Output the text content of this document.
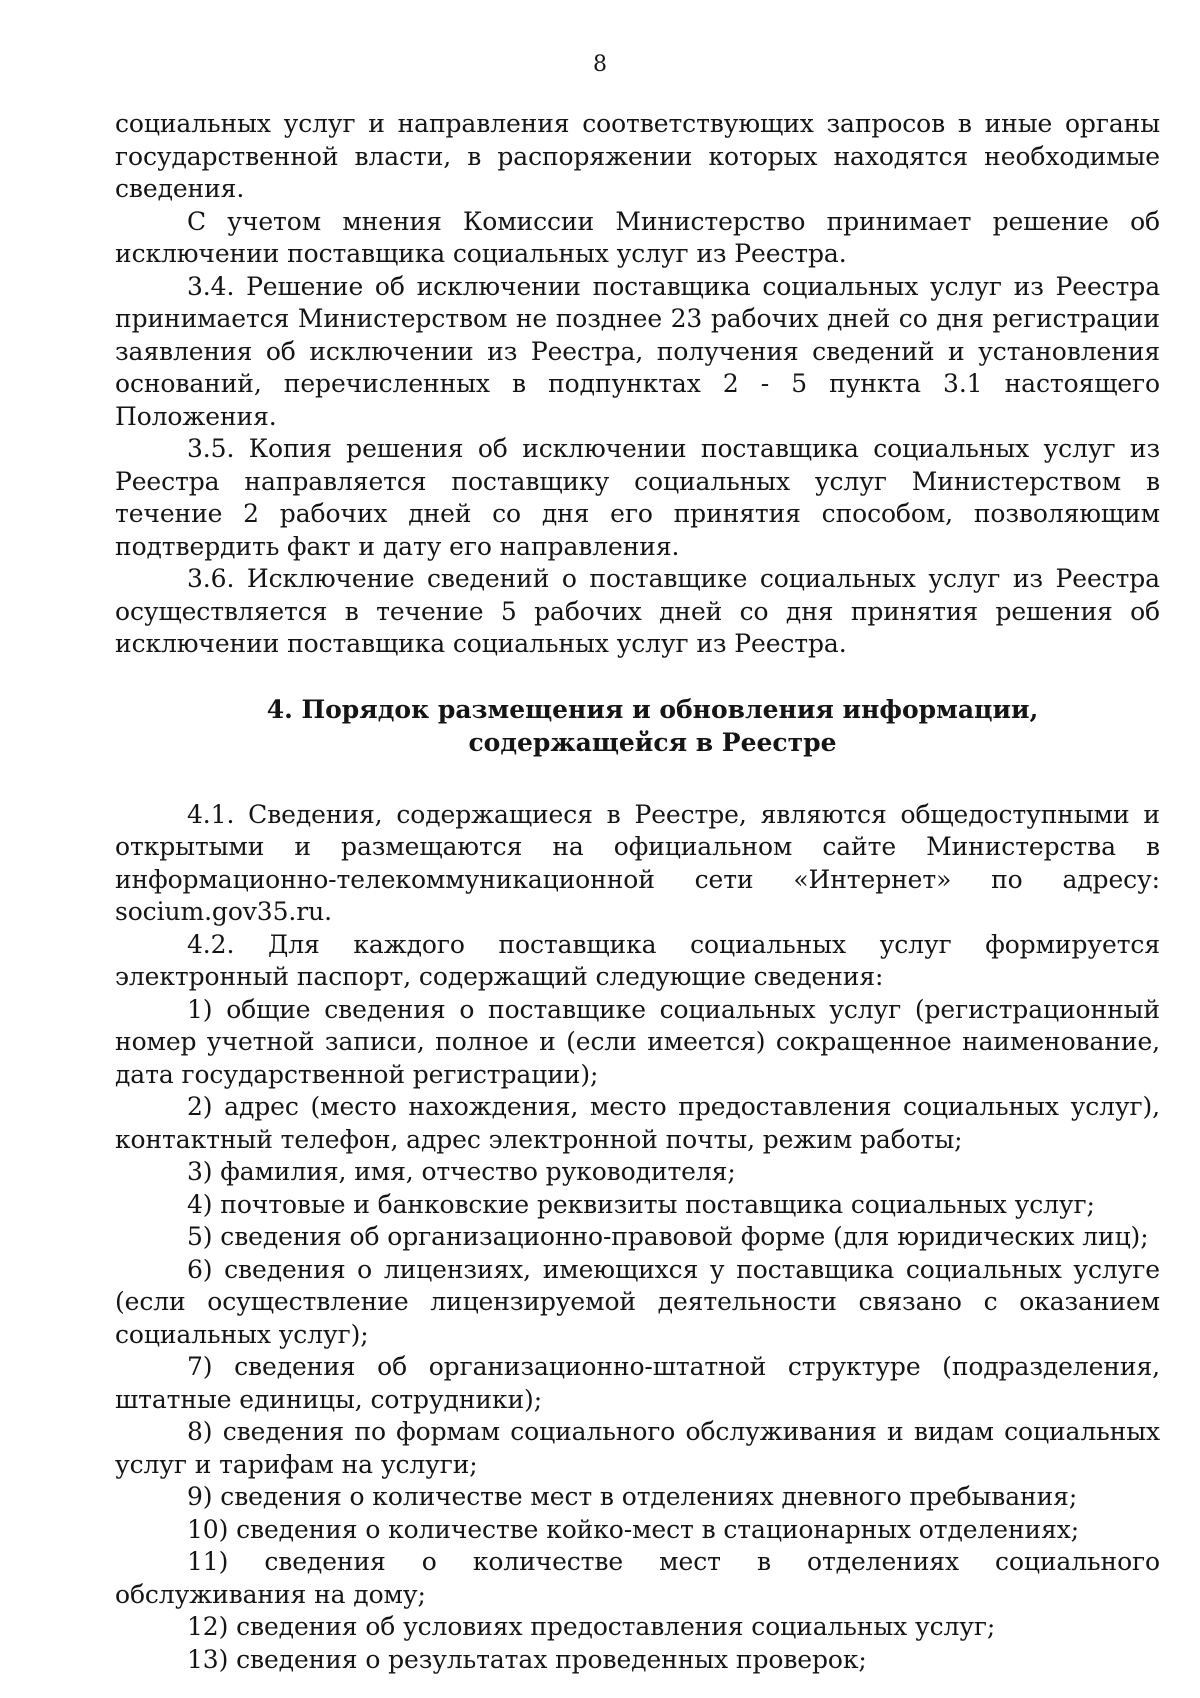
8

социальных услуг и направления соответствующих запросов в иные органы государственной власти, в распоряжении которых находятся необходимые сведения.

С учетом мнения Комиссии Министерство принимает решение об исключении поставщика социальных услуг из Реестра.

3.4. Решение об исключении поставщика социальных услуг из Реестра принимается Министерством не позднее 23 рабочих дней со дня регистрации заявления об исключении из Реестра, получения сведений и установления оснований, перечисленных в подпунктах 2 - 5 пункта 3.1 настоящего Положения.

3.5. Копия решения об исключении поставщика социальных услуг из Реестра направляется поставщику социальных услуг Министерством в течение 2 рабочих дней со дня его принятия способом, позволяющим подтвердить факт и дату его направления.

3.6. Исключение сведений о поставщике социальных услуг из Реестра осуществляется в течение 5 рабочих дней со дня принятия решения об исключении поставщика социальных услуг из Реестра.

4. Порядок размещения и обновления информации, содержащейся в Реестре

4.1. Сведения, содержащиеся в Реестре, являются общедоступными и открытыми и размещаются на официальном сайте Министерства в информационно-телекоммуникационной сети «Интернет» по адресу: socium.gov35.ru.

4.2. Для каждого поставщика социальных услуг формируется электронный паспорт, содержащий следующие сведения:

1) общие сведения о поставщике социальных услуг (регистрационный номер учетной записи, полное и (если имеется) сокращенное наименование, дата государственной регистрации);

2) адрес (место нахождения, место предоставления социальных услуг), контактный телефон, адрес электронной почты, режим работы;

3) фамилия, имя, отчество руководителя;

4) почтовые и банковские реквизиты поставщика социальных услуг;

5) сведения об организационно-правовой форме (для юридических лиц);

6) сведения о лицензиях, имеющихся у поставщика социальных услуге (если осуществление лицензируемой деятельности связано с оказанием социальных услуг);

7) сведения об организационно-штатной структуре (подразделения, штатные единицы, сотрудники);

8) сведения по формам социального обслуживания и видам социальных услуг и тарифам на услуги;

9) сведения о количестве мест в отделениях дневного пребывания;

10) сведения о количестве койко-мест в стационарных отделениях;

11) сведения о количестве мест в отделениях социального обслуживания на дому;

12) сведения об условиях предоставления социальных услуг;

13) сведения о результатах проведенных проверок;
